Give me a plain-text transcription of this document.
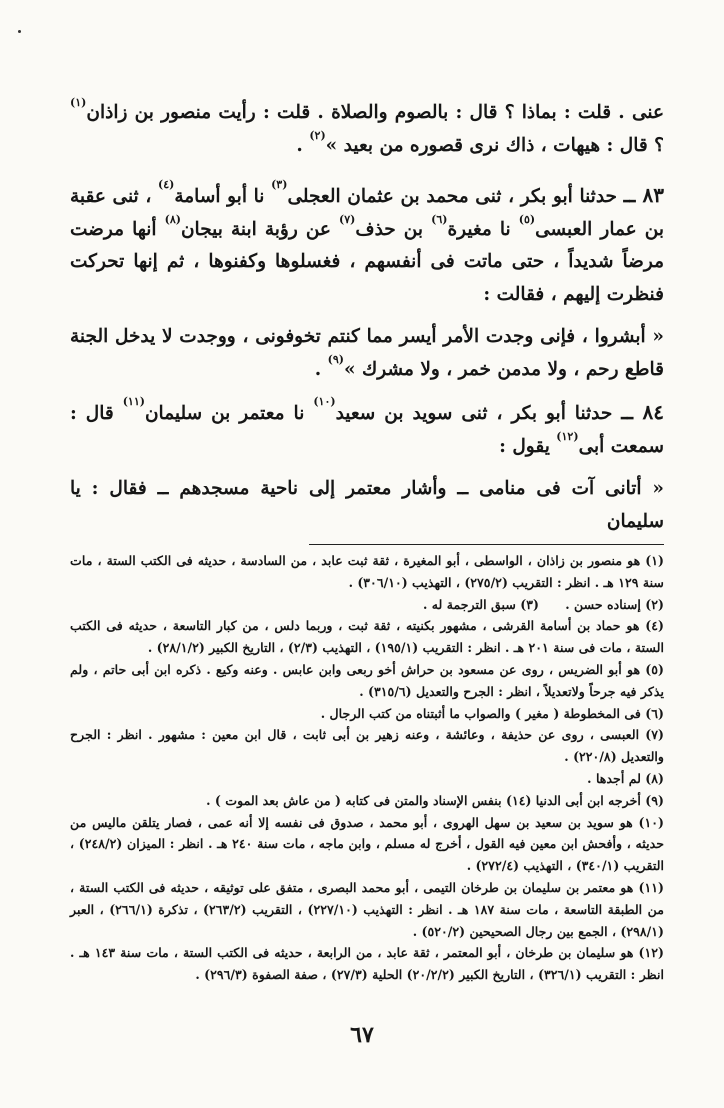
عنى . قلت : بماذا ؟ قال : بالصوم والصلاة . قلت : رأيت منصور بن زاذان$^{(١)}$ ؟ قال : هيهات ، ذاك نرى قصوره من بعيد »$^{(٢)}$ .

٨٣ ــ حدثنا أبو بكر ، ثنى محمد بن عثمان العجلى$^{(٣)}$ نا أبو أسامة$^{(٤)}$ ، ثنى عقبة بن عمار العبسى$^{(٥)}$ نا مغيرة$^{(٦)}$ بن حذف$^{(٧)}$ عن رؤبة ابنة بيجان$^{(٨)}$ أنها مرضت مرضاً شديداً ، حتى ماتت فى أنفسهم ، فغسلوها وكفنوها ، ثم إنها تحركت فنظرت إليهم ، فقالت :

« أبشروا ، فإنى وجدت الأمر أيسر مما كنتم تخوفونى ، ووجدت لا يدخل الجنة قاطع رحم ، ولا مدمن خمر ، ولا مشرك »$^{(٩)}$ .

٨٤ ــ حدثنا أبو بكر ، ثنى سويد بن سعيد$^{(١٠)}$ نا معتمر بن سليمان$^{(١١)}$ قال : سمعت أبى$^{(١٢)}$ يقول :

« أتانى آت فى منامى ــ وأشار معتمر إلى ناحية مسجدهم ــ فقال : يا سليمان

(١) هو منصور بن زاذان ، الواسطى ، أبو المغيرة ، ثقة ثبت عابد ، من السادسة ، حديثه فى الكتب الستة ، مات سنة ١٢٩ هـ . انظر : التقريب (٢٧٥/٢) ، التهذيب (٣٠٦/١٠) .

(٢) إسناده حسن .      (٣) سبق الترجمة له .

(٤) هو حماد بن أسامة القرشى ، مشهور بكنيته ، ثقة ثبت ، وربما دلس ، من كبار التاسعة ، حديثه فى الكتب الستة ، مات فى سنة ٢٠١ هـ . انظر : التقريب (١٩٥/١) ، التهذيب (٢/٣) ، التاريخ الكبير (٢٨/١/٢) .

(٥) هو أبو الضريس ، روى عن مسعود بن حراش أخو ربعى وابن عابس . وعنه وكيع . ذكره ابن أبى حاتم ، ولم يذكر فيه جرحاً ولاتعديلاً ، انظر : الجرح والتعديل (٣١٥/٦) .

(٦) فى المخطوطة ( مغير ) والصواب ما أثبتناه من كتب الرجال .

(٧) العبسى ، روى عن حذيفة ، وعائشة ، وعنه زهير بن أبى ثابت ، قال ابن معين : مشهور . انظر : الجرح والتعديل (٢٢٠/٨) .

(٨) لم أجدها .

(٩) أخرجه ابن أبى الدنيا (١٤) بنفس الإسناد والمتن فى كتابه ( من عاش بعد الموت ) .

(١٠) هو سويد بن سعيد بن سهل الهروى ، أبو محمد ، صدوق فى نفسه إلا أنه عمى ، فصار يتلقن ماليس من حديثه ، وأفحش ابن معين فيه القول ، أخرج له مسلم ، وابن ماجه ، مات سنة ٢٤٠ هـ . انظر : الميزان (٢٤٨/٢) ، التقريب (٣٤٠/١) ، التهذيب (٢٧٢/٤) .

(١١) هو معتمر بن سليمان بن طرخان التيمى ، أبو محمد البصرى ، متفق على توثيقه ، حديثه فى الكتب الستة ، من الطبقة التاسعة ، مات سنة ١٨٧ هـ . انظر : التهذيب (٢٢٧/١٠) ، التقريب (٢٦٣/٢) ، تذكرة (٢٦٦/١) ، العبر (٢٩٨/١) ، الجمع بين رجال الصحيحين (٥٢٠/٢) .

(١٢) هو سليمان بن طرخان ، أبو المعتمر ، ثقة عابد ، من الرابعة ، حديثه فى الكتب الستة ، مات سنة ١٤٣ هـ . انظر : التقريب (٣٢٦/١) ، التاريخ الكبير (٢٠/٢/٢) الحلية (٢٧/٣) ، صفة الصفوة (٢٩٦/٣) .

٦٧
